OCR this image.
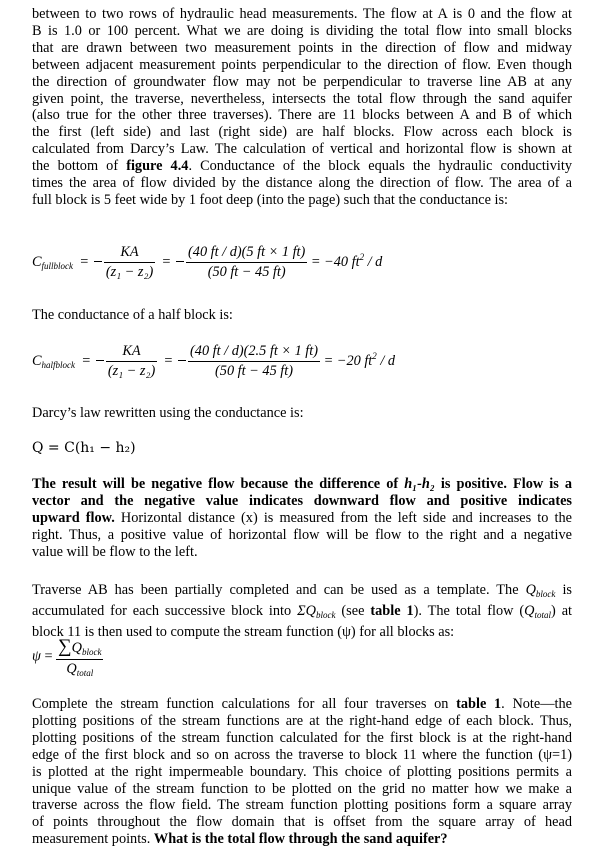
between to two rows of hydraulic head measurements. The flow at A is 0 and the flow at
B is 1.0 or 100 percent. What we are doing is dividing the total flow into small blocks
that are drawn between two measurement points in the direction of flow and midway
between adjacent measurement points perpendicular to the direction of flow. Even though
the direction of groundwater flow may not be perpendicular to traverse line AB at any
given point, the traverse, nevertheless, intersects the total flow through the sand aquifer
(also true for the other three traverses). There are 11 blocks between A and B of which
the first (left side) and last (right side) are half blocks. Flow across each block is
calculated from Darcy’s Law. The calculation of vertical and horizontal flow is shown at
the bottom of figure 4.4. Conductance of the block equals the hydraulic conductivity
times the area of flow divided by the distance along the direction of flow. The area of a
full block is 5 feet wide by 1 foot deep (into the page) such that the conductance is:
$C_{fullblock} = \frac{KA}{\text{(z₁ − z₂)}} = \frac{(40 ft / d)(5 ft \times 1 ft)}{(50 ft - 45 ft)} = -40$ $ft^2$ / d
The conductance of a half block is:
$C_{halfblock} = \frac{KA}{\text{(z₁ − z₂)}} = \frac{(40 ft / d)(2.5 ft \times 1 ft)}{(50 ft - 45 ft)} = -20$ $ft^2$ / d
Darcy’s law rewritten using the conductance is:
Q = C(h₁ − h₂)
The result will be negative flow because the difference of h₁-h₂ is positive. Flow is a
vector and the negative value indicates downward flow and positive indicates
upward flow. Horizontal distance (x) is measured from the left side and increases to the
right. Thus, a positive value of horizontal flow will be flow to the right and a negative
value will be flow to the left.
Traverse AB has been partially completed and can be used as a template. The $Q_{block}$ is
accumulated for each successive block into $\Sigma Q_{block}$ (see table 1). The total flow $(Q_{total})$ at
block 11 is then used to compute the stream function (ψ) for all blocks as:
$\psi = \frac{\sum Q_{block}}{Q_{total}}$
Complete the stream function calculations for all four traverses on table 1. Note—the
plotting positions of the stream functions are at the right-hand edge of each block. Thus,
plotting positions of the stream function calculated for the first block is at the right-hand
edge of the first block and so on across the traverse to block 11 where the function (ψ=1)
is plotted at the right impermeable boundary. This choice of plotting positions permits a
unique value of the stream function to be plotted on the grid no matter how we make a
traverse across the flow field. The stream function plotting positions form a square array
of points throughout the flow domain that is offset from the square array of head
measurement points. What is the total flow through the sand aquifer?
